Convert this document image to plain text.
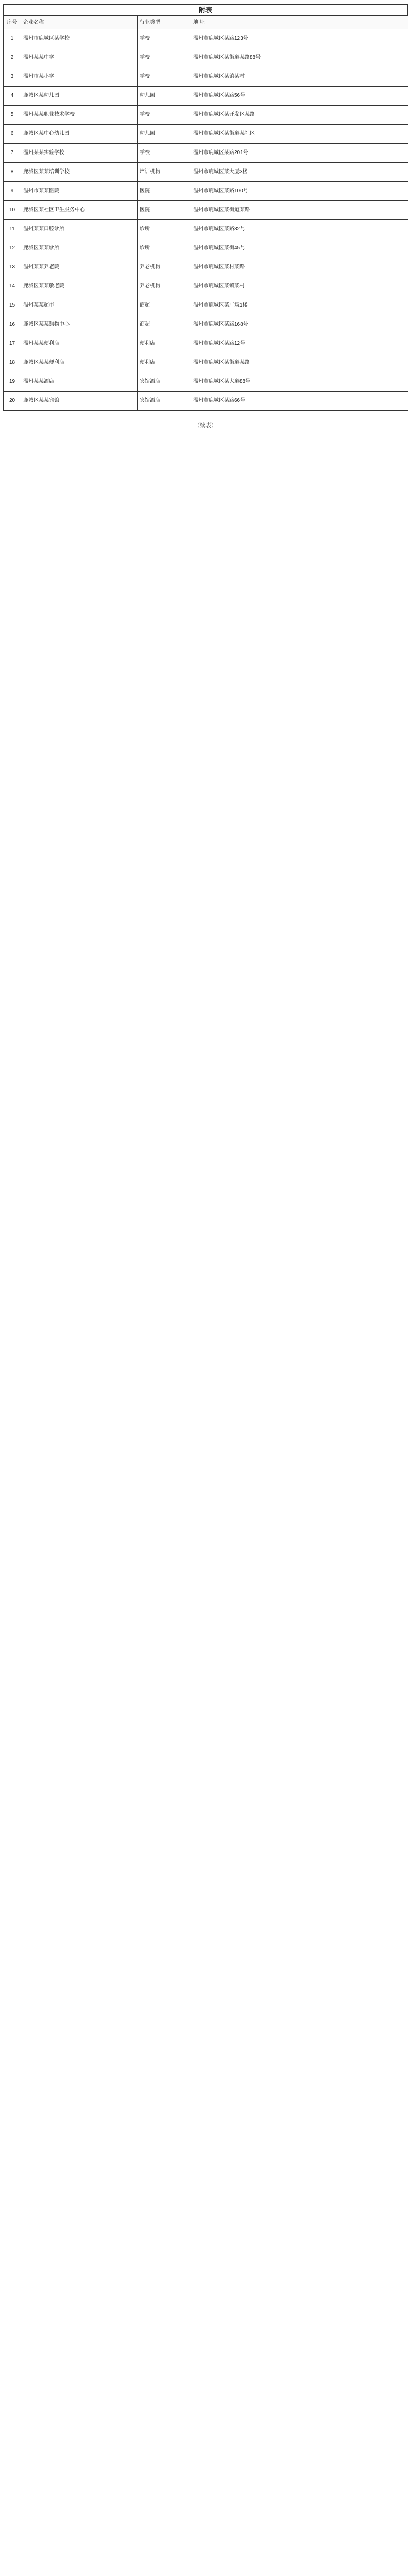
附表
序号	企业名称	行业类型	地 址
1	温州市鹿城区某学校	学校	温州市鹿城区某路123号
2	温州某某中学	学校	温州市鹿城区某街道某路88号
3	温州市某小学	学校	温州市鹿城区某镇某村
4	鹿城区某幼儿园	幼儿园	温州市鹿城区某路56号
5	温州某某职业技术学校	学校	温州市鹿城区某开发区某路
6	鹿城区某中心幼儿园	幼儿园	温州市鹿城区某街道某社区
7	温州某某实验学校	学校	温州市鹿城区某路201号
8	鹿城区某某培训学校	培训机构	温州市鹿城区某大厦3楼
9	温州市某某医院	医院	温州市鹿城区某路100号
10	鹿城区某社区卫生服务中心	医院	温州市鹿城区某街道某路
11	温州某某口腔诊所	诊所	温州市鹿城区某路32号
12	鹿城区某某诊所	诊所	温州市鹿城区某街45号
13	温州某某养老院	养老机构	温州市鹿城区某村某路
14	鹿城区某某敬老院	养老机构	温州市鹿城区某镇某村
15	温州某某超市	商超	温州市鹿城区某广场1楼
16	鹿城区某某购物中心	商超	温州市鹿城区某路168号
17	温州某某便利店	便利店	温州市鹿城区某路12号
18	鹿城区某某便利店	便利店	温州市鹿城区某街道某路
19	温州某某酒店	宾馆酒店	温州市鹿城区某大道88号
20	鹿城区某某宾馆	宾馆酒店	温州市鹿城区某路66号
（续表）
